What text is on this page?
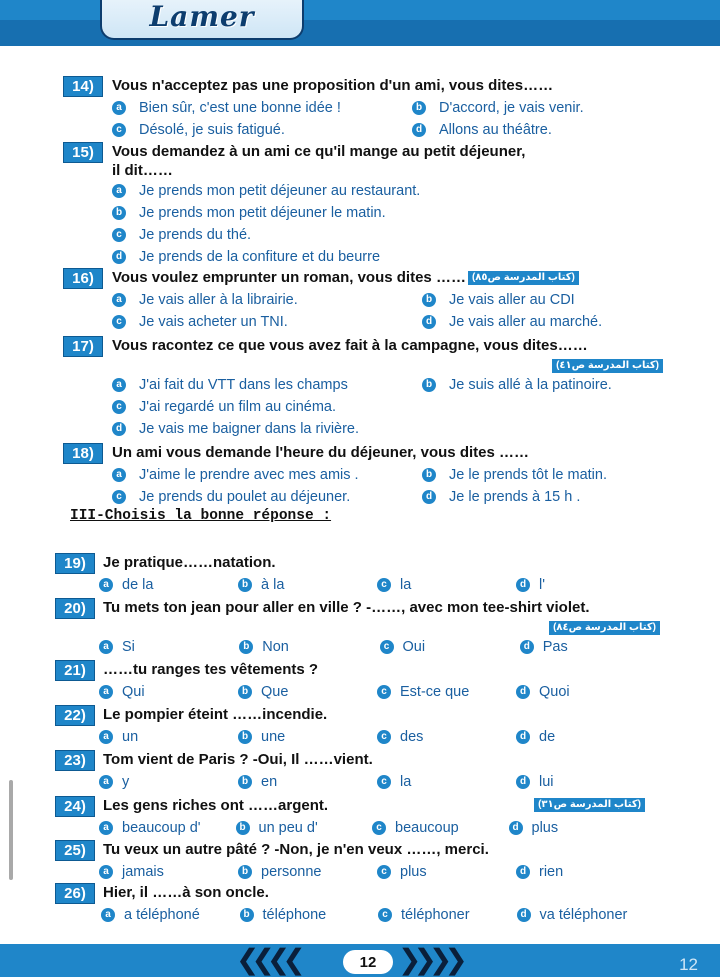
Lamer
14)	Vous n'acceptez pas une proposition d'un ami, vous dites……
a Bien sûr, c'est une bonne idée !	b D'accord, je vais venir.
c Désolé, je suis fatigué.	d Allons au théâtre.
15)	Vous demandez à un ami ce qu'il mange au petit déjeuner,
il dit……
a Je prends mon petit déjeuner au restaurant.
b Je prends mon petit déjeuner le matin.
c Je prends du thé.
d Je prends de la confiture et du beurre
16)	Vous voulez emprunter un roman, vous dites …… (كتاب المدرسة ص٨٥)
a Je vais aller à la librairie.	b Je vais aller au CDI
c Je vais acheter un TNI.	d Je vais aller au marché.
17)	Vous racontez ce que vous avez fait à la campagne, vous dites……
(كتاب المدرسة ص٤١)
a J'ai fait du VTT dans les champs	b Je suis allé à la patinoire.
c J'ai regardé un film au cinéma.
d Je vais me baigner dans la rivière.
18)	Un ami vous demande l'heure du déjeuner, vous dites ……
a J'aime le prendre avec mes amis .	b Je le prends tôt le matin.
c Je prends du poulet au déjeuner.	d Je le prends à 15 h .
III-Choisis la bonne réponse :
19)	Je pratique……natation.
a de la	b à la	c la	d l'
20)	Tu mets ton jean pour aller en ville ? -……, avec mon tee-shirt violet.
(كتاب المدرسة ص٨٤)
a Si	b Non	c Oui	d Pas
21)	……tu ranges tes vêtements ?
a Qui	b Que	c Est-ce que	d Quoi
22)	Le pompier éteint ……incendie.
a un	b une	c des	d de
23)	Tom vient de Paris ? -Oui, Il ……vient.
a y	b en	c la	d lui
24)	Les gens riches ont ……argent.	(كتاب المدرسة ص٣١)
a beaucoup d'	b un peu d'	c beaucoup	d plus
25)	Tu veux un autre pâté ? -Non, je n'en veux ……, merci.
a jamais	b personne	c plus	d rien
26)	Hier, il ……à son oncle.
a a téléphoné	b téléphone	c téléphoner	d va téléphoner
❮❮❮❮	❯❯❯❯
12	12
